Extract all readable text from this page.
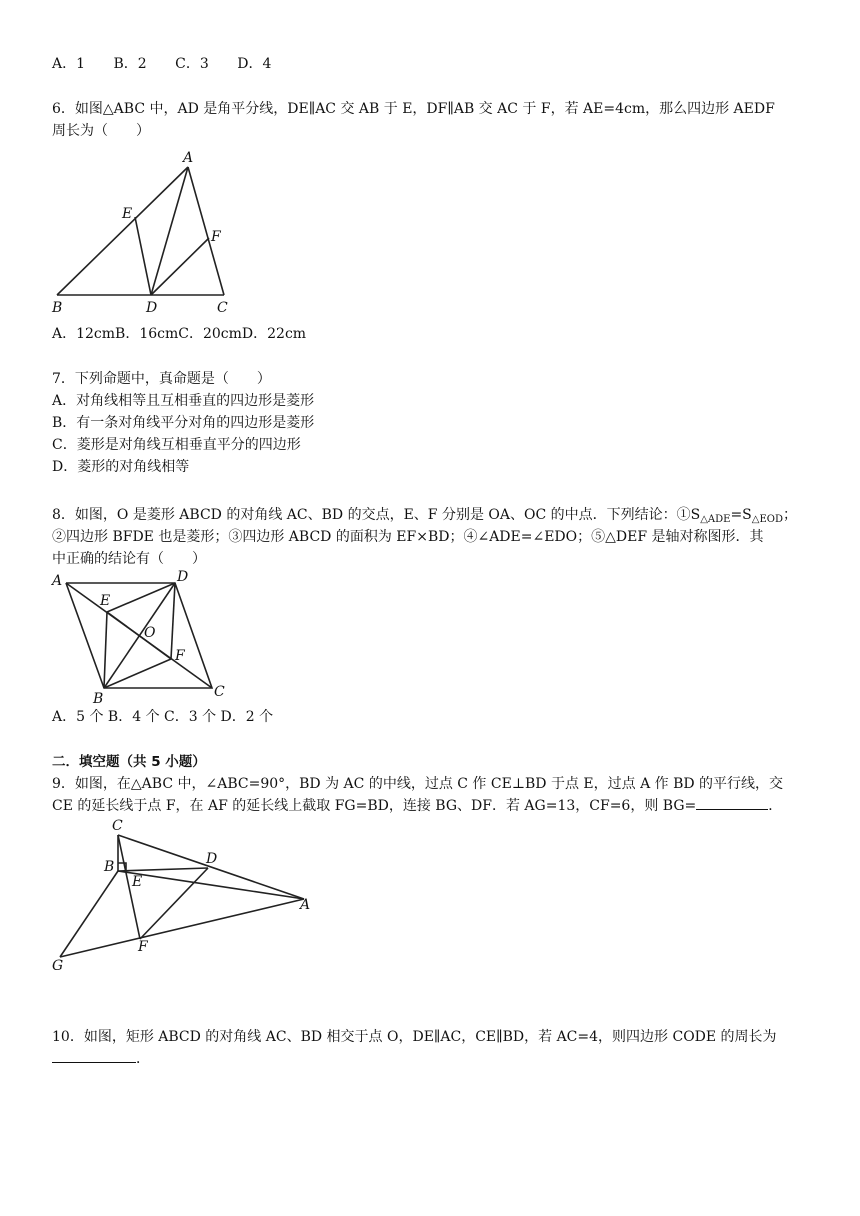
A．1 B．2 C．3 D．4
6．如图△ABC 中，AD 是角平分线，DE∥AC 交 AB 于 E，DF∥AB 交 AC 于 F，若 AE=4cm，那么四边形 AEDF
周长为（　　）
A
E
F
B	D	C
A．12cmB．16cmC．20cmD．22cm
7．下列命题中，真命题是（　　）
A．对角线相等且互相垂直的四边形是菱形
B．有一条对角线平分对角的四边形是菱形
C．菱形是对角线互相垂直平分的四边形
D．菱形的对角线相等
8．如图，O 是菱形 ABCD 的对角线 AC、BD 的交点，E、F 分别是 OA、OC 的中点．下列结论：$①S_{\triangle ADE}=S_{\triangle EOD}$；
②四边形 BFDE 也是菱形；③四边形 ABCD 的面积为 EF×BD；④∠ADE=∠EDO；⑤△DEF 是轴对称图形．其
中正确的结论有（　　）
A	D
E
O
F
C
B
A．5 个 B．4 个 C．3 个 D．2 个
二．填空题（共 5 小题）
9．如图，在△ABC 中，∠ABC=90°，BD 为 AC 的中线，过点 C 作 CE⊥BD 于点 E，过点 A 作 BD 的平行线，交
CE 的延长线于点 F，在 AF 的延长线上截取 FG=BD，连接 BG、DF．若 AG=13，CF=6，则 BG=	．
C
D
B
E
A
F
G
10．如图，矩形 ABCD 的对角线 AC、BD 相交于点 O，DE∥AC，CE∥BD，若 AC=4，则四边形 CODE 的周长为
．
